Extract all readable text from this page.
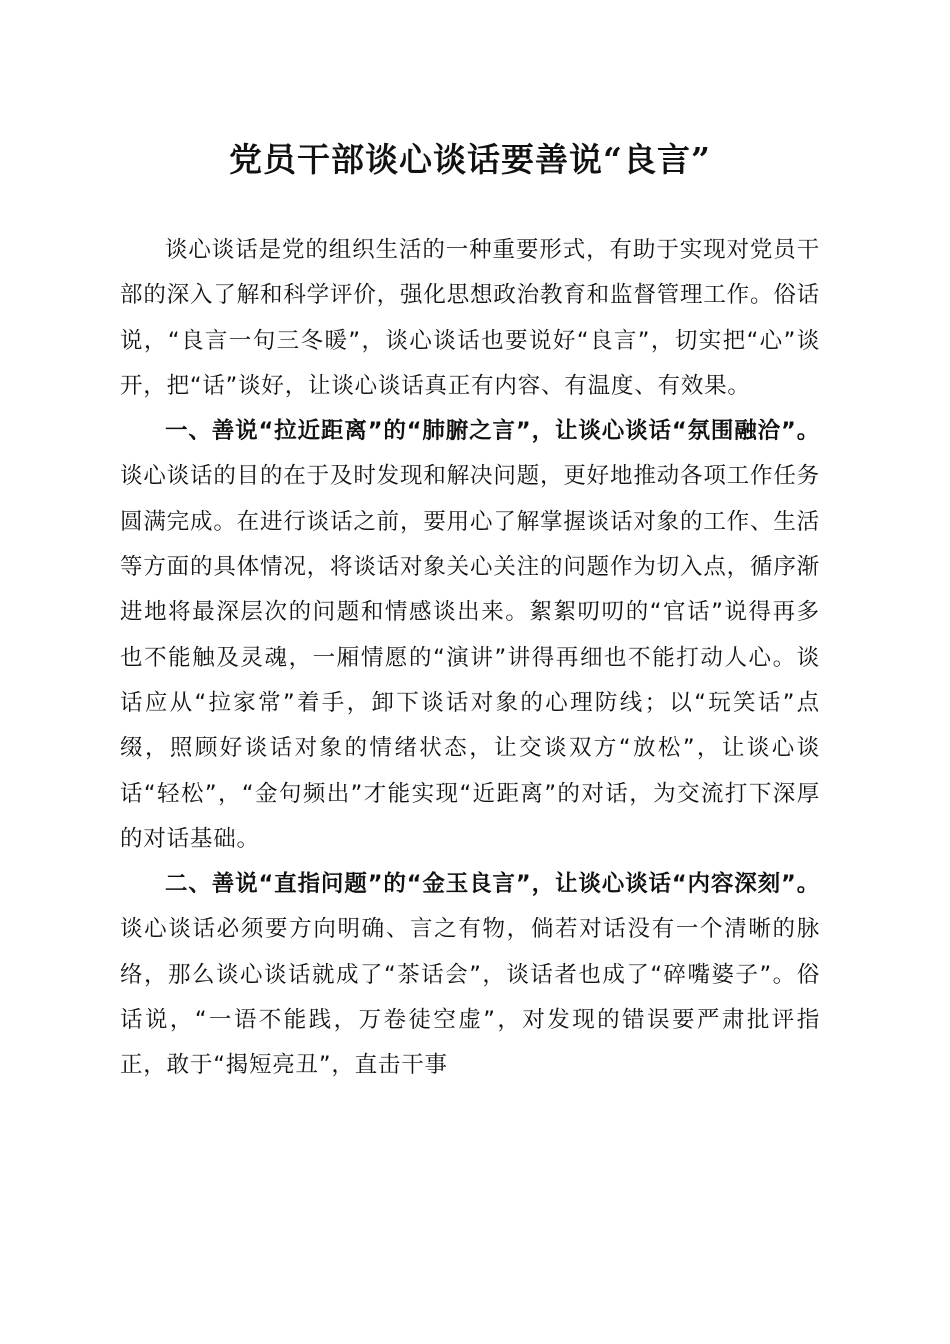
党员干部谈心谈话要善说“良言”

谈心谈话是党的组织生活的一种重要形式，有助于实现对党员干部的深入了解和科学评价，强化思想政治教育和监督管理工作。俗话说，“良言一句三冬暖”，谈心谈话也要说好“良言”，切实把“心”谈开，把“话”谈好，让谈心谈话真正有内容、有温度、有效果。

一、善说“拉近距离”的“肺腑之言”，让谈心谈话“氛围融洽”。谈心谈话的目的在于及时发现和解决问题，更好地推动各项工作任务圆满完成。在进行谈话之前，要用心了解掌握谈话对象的工作、生活等方面的具体情况，将谈话对象关心关注的问题作为切入点，循序渐进地将最深层次的问题和情感谈出来。絮絮叨叨的“官话”说得再多也不能触及灵魂，一厢情愿的“演讲”讲得再细也不能打动人心。谈话应从“拉家常”着手，卸下谈话对象的心理防线；以“玩笑话”点缀，照顾好谈话对象的情绪状态，让交谈双方“放松”，让谈心谈话“轻松”，“金句频出”才能实现“近距离”的对话，为交流打下深厚的对话基础。

二、善说“直指问题”的“金玉良言”，让谈心谈话“内容深刻”。谈心谈话必须要方向明确、言之有物，倘若对话没有一个清晰的脉络，那么谈心谈话就成了“茶话会”，谈话者也成了“碎嘴婆子”。俗话说，“一语不能践，万卷徒空虚”，对发现的错误要严肃批评指正，敢于“揭短亮丑”，直击干事
